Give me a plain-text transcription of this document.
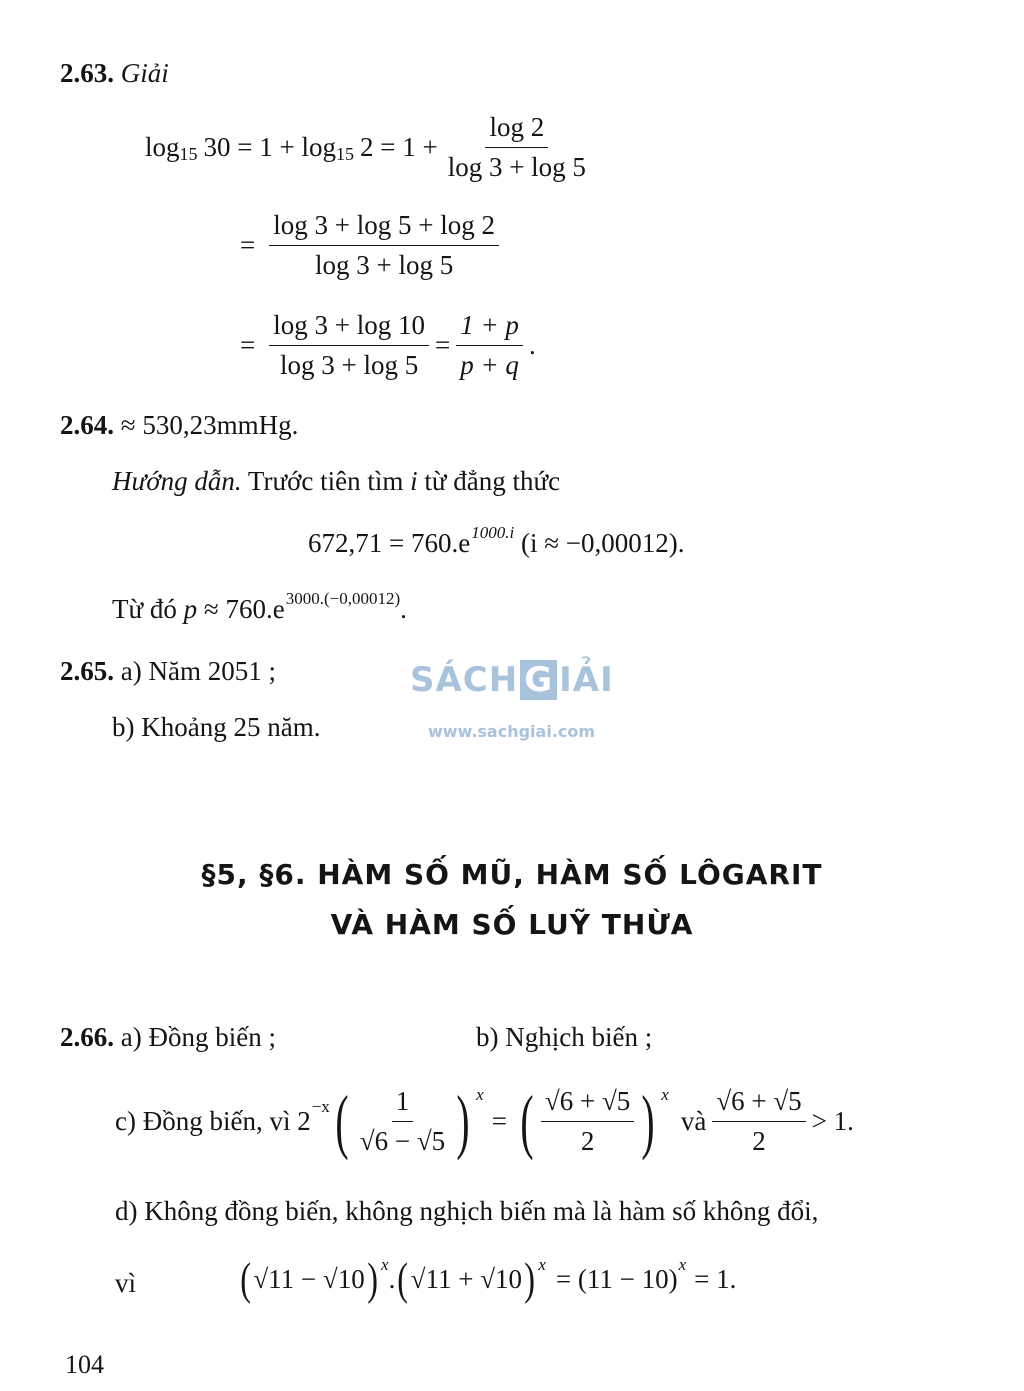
2.63. Giải
log 15 30 = 1 + log 15 $2 = 1 + \frac{\log 2}{\log 3 + \log 5}$
= $\frac{\log 3 + \log 5 + \log 2}{\log 3 + \log 5}$
= $\frac{\log 3 + \log 10}{\log 3 + \log 5} = \frac{1 + p}{p + q}$ .
2.64. ≈ 530,23mmHg.
Hướng dẫn. Trước tiên tìm i từ đẳng thức
$672,71 = 760.e^{1000.i}$ (i ≈ −0,00012).
Từ đó $p \approx 760.e^{3000.(-0,00012)}$.
2.65. a) Năm 2051 ;
b) Khoảng 25 năm.
SÁCH G IẢI
www.sachgiai.com
§5, §6. HÀM SỐ MŨ, HÀM SỐ LÔGARIT
VÀ HÀM SỐ LUỸ THỪA
2.66. a) Đồng biến ;	b) Nghịch biến ;
c) Đồng biến, vì 2 −x ( $\frac{1}{√6 - √5}$ ) x
= ( $\frac{√6 + √5}{2}$ ) x
và $\frac{√6 + √5}{2} > 1$.
d) Không đồng biến, không nghịch biến mà là hàm số không đổi,
vì ( √11 − √10 ) x . ( √11 + √10 ) x = (11 − 10) x = 1.
104
